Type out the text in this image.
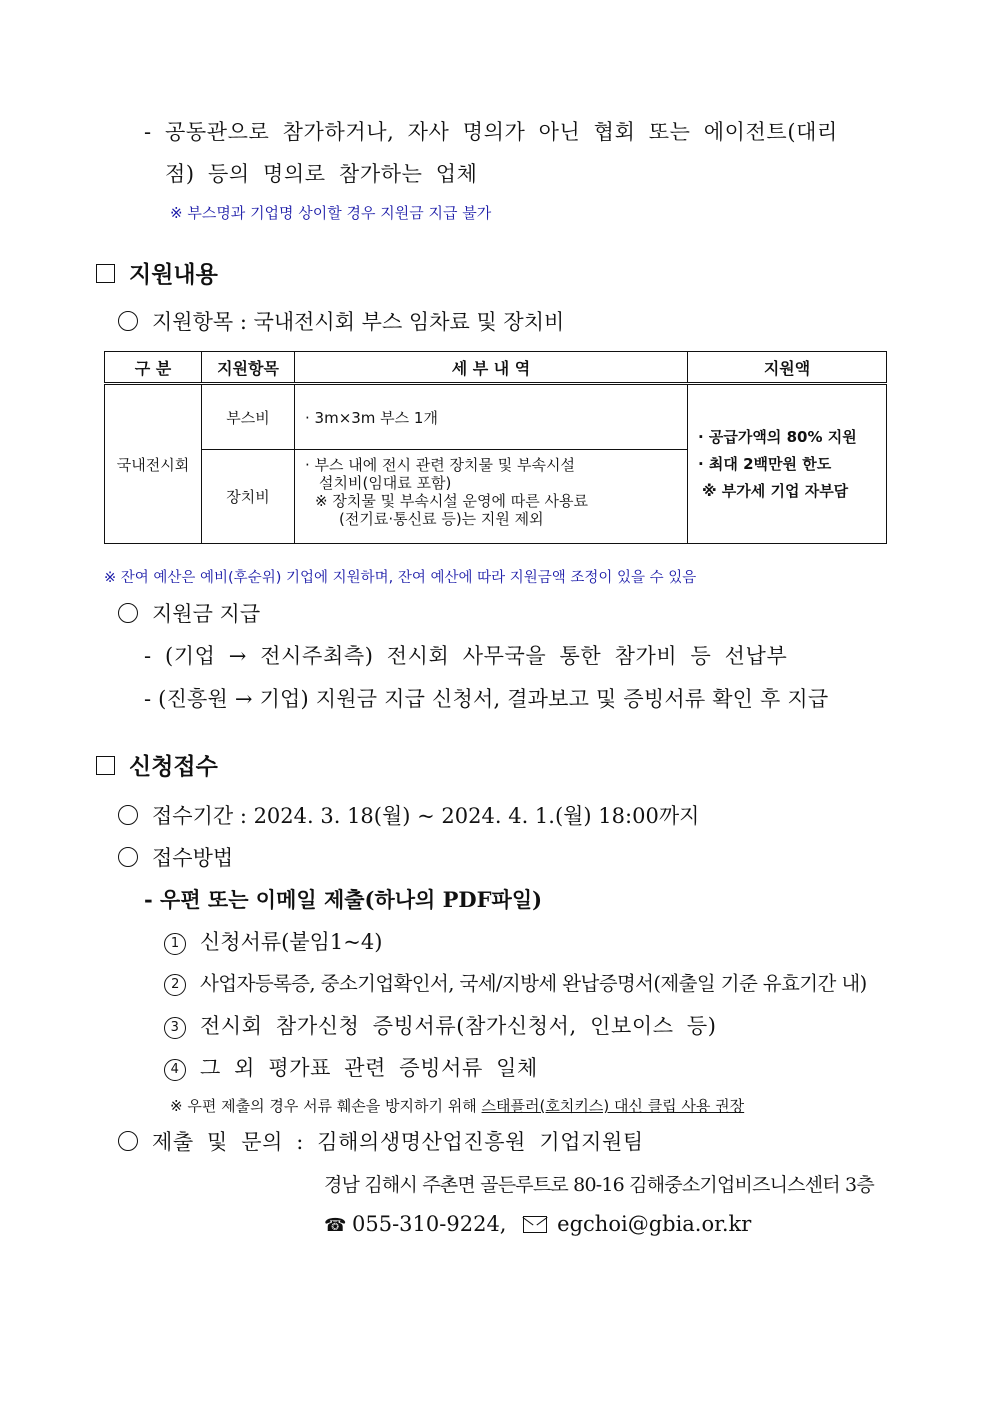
- 공동관으로 참가하거나, 자사 명의가 아닌 협회 또는 에이전트(대리
점) 등의 명의로 참가하는 업체
※ 부스명과 기업명 상이할 경우 지원금 지급 불가
지원내용
지원항목 : 국내전시회 부스 임차료 및 장치비
구 분	지원항목	세 부 내 역	지원액
국내전시회	부스비	· 3m×3m 부스 1개	· 공급가액의 80% 지원
· 최대 2백만원 한도
※ 부가세 기업 자부담

	장치비	· 부스 내에 전시 관련 장치물 및 부속시설
설치비(임대료 포함)
※ 장치물 및 부속시설 운영에 따른 사용료
(전기료·통신료 등)는 지원 제외	
※ 잔여 예산은 예비(후순위) 기업에 지원하며, 잔여 예산에 따라 지원금액 조정이 있을 수 있음
지원금 지급
- (기업 → 전시주최측) 전시회 사무국을 통한 참가비 등 선납부
- (진흥원 → 기업) 지원금 지급 신청서, 결과보고 및 증빙서류 확인 후 지급
신청접수
접수기간 : 2024. 3. 18(월) ~ 2024. 4. 1.(월) 18:00까지
접수방법
- 우편 또는 이메일 제출(하나의 PDF파일)
1 신청서류(붙임1~4)
2 사업자등록증, 중소기업확인서, 국세/지방세 완납증명서(제출일 기준 유효기간 내)
3 전시회 참가신청 증빙서류(참가신청서, 인보이스 등)
4 그 외 평가표 관련 증빙서류 일체
※ 우편 제출의 경우 서류 훼손을 방지하기 위해 스태플러(호치키스) 대신 클립 사용 권장
제출 및 문의 : 김해의생명산업진흥원 기업지원팀
경남 김해시 주촌면 골든루트로 80-16 김해중소기업비즈니스센터 3층
☎ 055-310-9224, egchoi@gbia.or.kr
